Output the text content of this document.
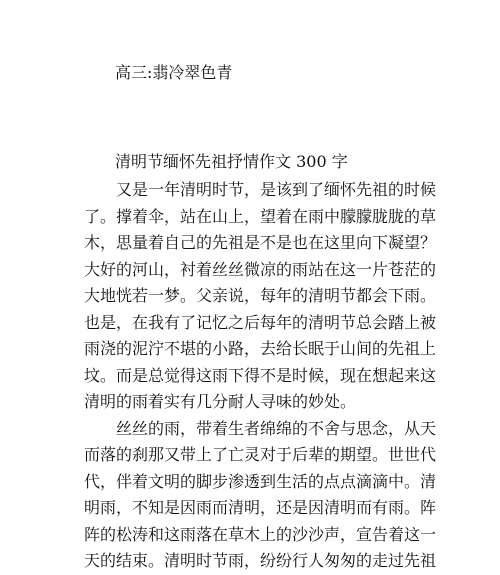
高三:翡冷翠色青
清明节缅怀先祖抒情作文 300 字
又是一年清明时节，是该到了缅怀先祖的时候
了。撑着伞，站在山上，望着在雨中朦朦胧胧的草
木，思量着自己的先祖是不是也在这里向下凝望？
大好的河山，衬着丝丝微凉的雨站在这一片苍茫的
大地恍若一梦。父亲说，每年的清明节都会下雨。
也是，在我有了记忆之后每年的清明节总会踏上被
雨浇的泥泞不堪的小路，去给长眠于山间的先祖上
坟。而是总觉得这雨下得不是时候，现在想起来这
清明的雨着实有几分耐人寻味的妙处。
丝丝的雨，带着生者绵绵的不舍与思念，从天
而落的刹那又带上了亡灵对于后辈的期望。世世代
代，伴着文明的脚步渗透到生活的点点滴滴中。清
明雨，不知是因雨而清明，还是因清明而有雨。阵
阵的松涛和这雨落在草木上的沙沙声，宣告着这一
天的结束。清明时节雨，纷纷行人匆匆的走过先祖
